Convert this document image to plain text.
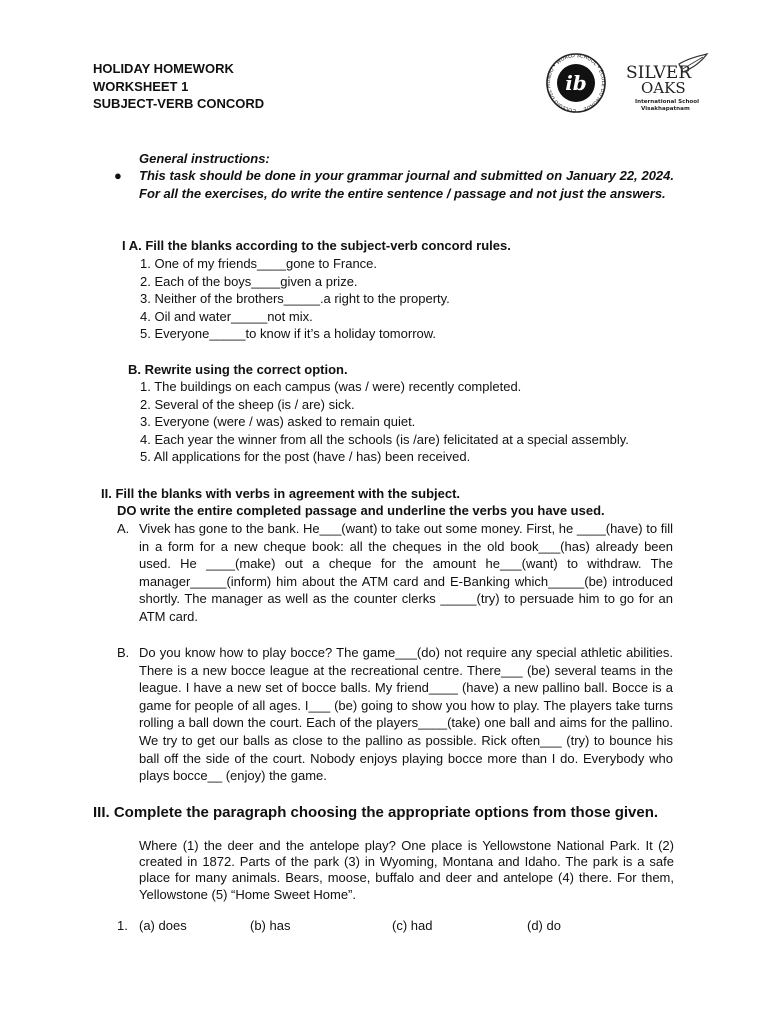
HOLIDAY HOMEWORK
WORKSHEET 1
SUBJECT-VERB CONCORD
ib
COLEGIO DEL MUNDO • WORLD SCHOOL • ÉCOLE DU MONDE
SILVER
OAKS
International School
Visakhapatnam
General instructions:
● This task should be done in your grammar journal and submitted on January 22, 2024. For all the exercises, do write the entire sentence / passage and not just the answers.
I A. Fill the blanks according to the subject-verb concord rules.
1. One of my friends____gone to France.
2. Each of the boys____given a prize.
3. Neither of the brothers_____.a right to the property.
4. Oil and water_____not mix.
5. Everyone_____to know if it’s a holiday tomorrow.
B. Rewrite using the correct option.
1. The buildings on each campus (was / were) recently completed.
2. Several of the sheep (is / are) sick.
3. Everyone (were / was) asked to remain quiet.
4. Each year the winner from all the schools (is /are) felicitated at a special assembly.
5. All applications for the post (have / has) been received.
II. Fill the blanks with verbs in agreement with the subject.
DO write the entire completed passage and underline the verbs you have used.
A. Vivek has gone to the bank. He___(want) to take out some money. First, he ____(have) to fill in a form for a new cheque book: all the cheques in the old book___(has) already been used. He ____(make) out a cheque for the amount he___(want) to withdraw. The manager_____(inform) him about the ATM card and E-Banking which_____(be) introduced shortly. The manager as well as the counter clerks _____(try) to persuade him to go for an ATM card.
B. Do you know how to play bocce? The game___(do) not require any special athletic abilities. There is a new bocce league at the recreational centre. There___ (be) several teams in the league. I have a new set of bocce balls. My friend____ (have) a new pallino ball. Bocce is a game for people of all ages. I___ (be) going to show you how to play. The players take turns rolling a ball down the court. Each of the players____(take) one ball and aims for the pallino. We try to get our balls as close to the pallino as possible. Rick often___ (try) to bounce his ball off the side of the court. Nobody enjoys playing bocce more than I do. Everybody who plays bocce__ (enjoy) the game.
III. Complete the paragraph choosing the appropriate options from those given.
Where (1) the deer and the antelope play? One place is Yellowstone National Park. It (2) created in 1872. Parts of the park (3) in Wyoming, Montana and Idaho. The park is a safe place for many animals. Bears, moose, buffalo and deer and antelope (4) there. For them, Yellowstone (5) “Home Sweet Home”.
1. (a) does	(b) has	(c) had	(d) do
